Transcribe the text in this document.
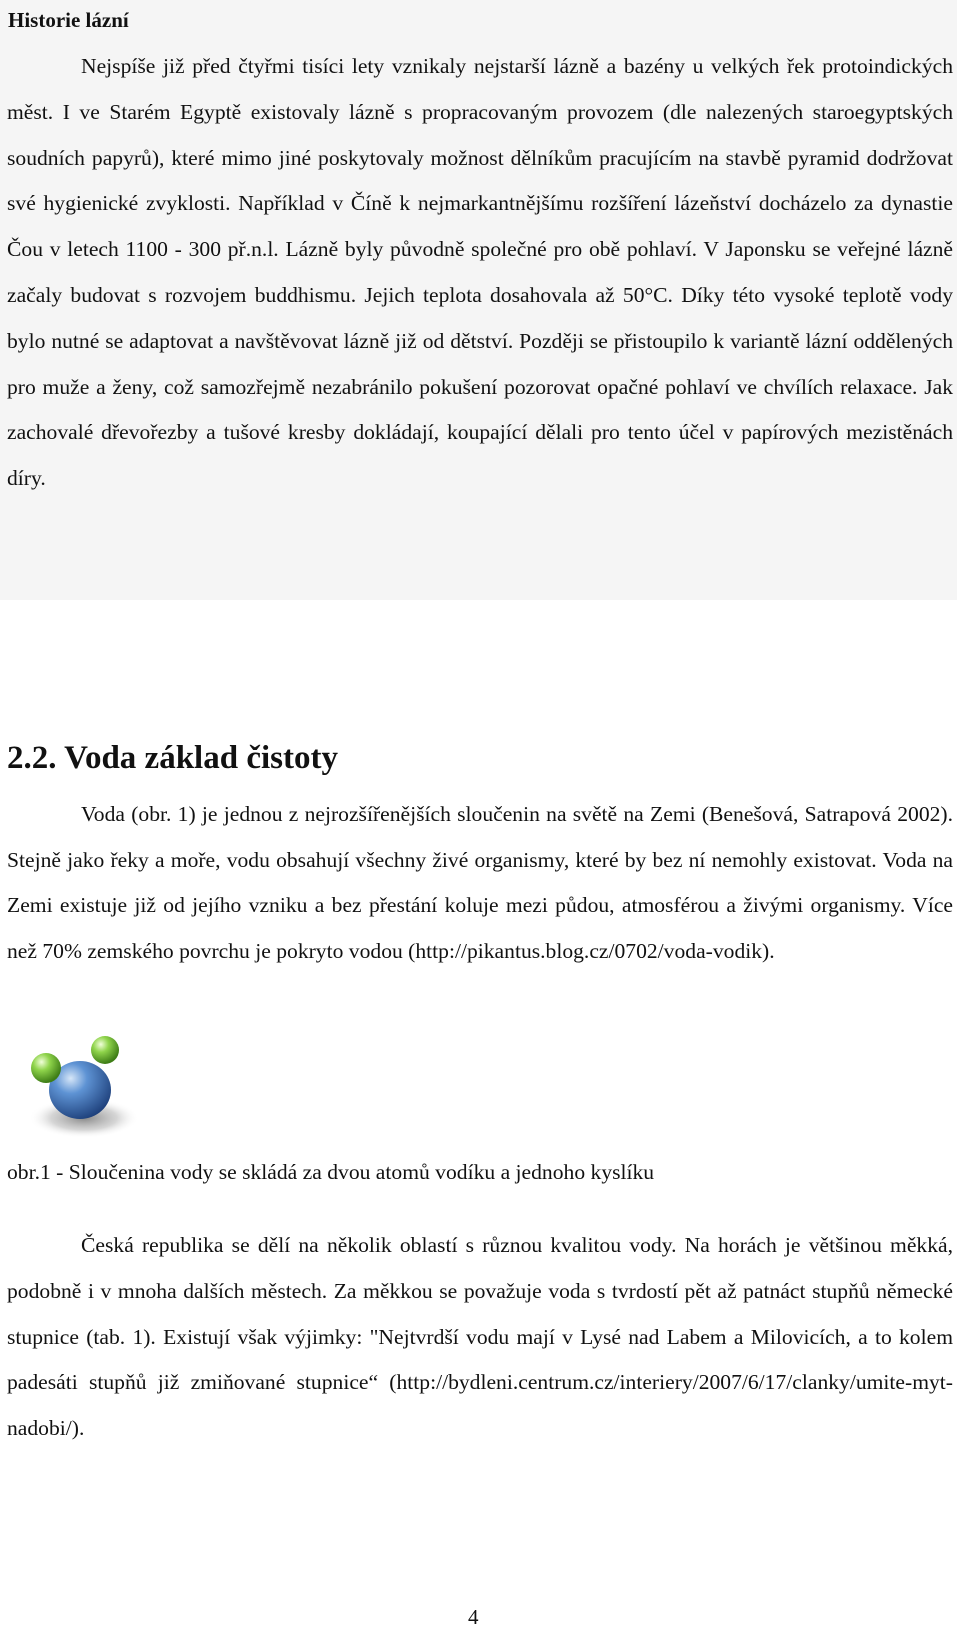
Historie lázní

Nejspíše již před čtyřmi tisíci lety vznikaly nejstarší lázně a bazény u velkých řek protoindických měst. I ve Starém Egyptě existovaly lázně s propracovaným provozem (dle nalezených staroegyptských soudních papyrů), které mimo jiné poskytovaly možnost dělníkům pracujícím na stavbě pyramid dodržovat své hygienické zvyklosti. Například v Číně k nejmarkantnějšímu rozšíření lázeňství docházelo za dynastie Čou v letech 1100 - 300 př.n.l. Lázně byly původně společné pro obě pohlaví. V Japonsku se veřejné lázně začaly budovat s rozvojem buddhismu. Jejich teplota dosahovala až 50°C. Díky této vysoké teplotě vody bylo nutné se adaptovat a navštěvovat lázně již od dětství. Později se přistoupilo k variantě lázní oddělených pro muže a ženy, což samozřejmě nezabránilo pokušení pozorovat opačné pohlaví ve chvílích relaxace. Jak zachovalé dřevořezby a tušové kresby dokládají, koupající dělali pro tento účel v papírových mezistěnách díry.

2.2. Voda základ čistoty

Voda (obr. 1) je jednou z nejrozšířenějších sloučenin na světě na Zemi (Benešová, Satrapová 2002). Stejně jako řeky a moře, vodu obsahují všechny živé organismy, které by bez ní nemohly existovat. Voda na Zemi existuje již od jejího vzniku a bez přestání koluje mezi půdou, atmosférou a živými organismy. Více než 70% zemského povrchu je pokryto vodou (http://pikantus.blog.cz/0702/voda-vodik).

obr.1 - Sloučenina vody se skládá za dvou atomů vodíku a jednoho kyslíku

Česká republika se dělí na několik oblastí s různou kvalitou vody. Na horách je většinou měkká, podobně i v mnoha dalších městech. Za měkkou se považuje voda s tvrdostí pět až patnáct stupňů německé stupnice (tab. 1). Existují však výjimky: "Nejtvrdší vodu mají v Lysé nad Labem a Milovicích, a to kolem padesáti stupňů již zmiňované stupnice“ (http://bydleni.centrum.cz/interiery/2007/6/17/clanky/umite-myt-nadobi/).

4
